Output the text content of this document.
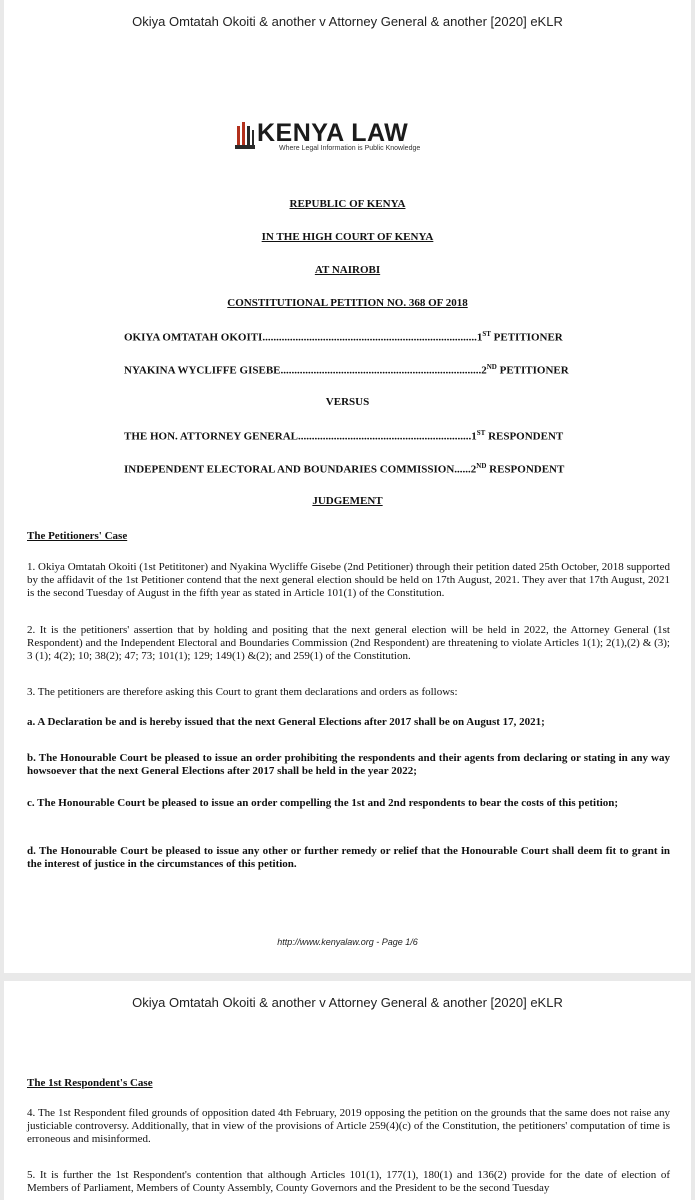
Okiya Omtatah Okoiti & another v Attorney General & another [2020] eKLR
KENYA LAW
Where Legal Information is Public Knowledge
REPUBLIC OF KENYA
IN THE HIGH COURT OF KENYA
AT NAIROBI
CONSTITUTIONAL PETITION NO. 368 OF 2018
OKIYA OMTATAH OKOITI..............................................................................1ST PETITIONER
NYAKINA WYCLIFFE GISEBE.........................................................................2ND PETITIONER
VERSUS
THE HON. ATTORNEY GENERAL...............................................................1ST RESPONDENT
INDEPENDENT ELECTORAL AND BOUNDARIES COMMISSION......2ND RESPONDENT
JUDGEMENT
The Petitioners' Case

1. Okiya Omtatah Okoiti (1st Petititoner) and Nyakina Wycliffe Gisebe (2nd Petitioner) through their petition dated 25th October, 2018 supported by the affidavit of the 1st Petitioner contend that the next general election should be held on 17th August, 2021. They aver that 17th August, 2021 is the second Tuesday of August in the fifth year as stated in Article 101(1) of the Constitution.

2. It is the petitioners' assertion that by holding and positing that the next general election will be held in 2022, the Attorney General (1st Respondent) and the Independent Electoral and Boundaries Commission (2nd Respondent) are threatening to violate Articles 1(1); 2(1),(2) & (3); 3 (1); 4(2); 10; 38(2); 47; 73; 101(1); 129; 149(1) &(2); and 259(1) of the Constitution.

3. The petitioners are therefore asking this Court to grant them declarations and orders as follows:

a. A Declaration be and is hereby issued that the next General Elections after 2017 shall be on August 17, 2021;

b. The Honourable Court be pleased to issue an order prohibiting the respondents and their agents from declaring or stating in any way howsoever that the next General Elections after 2017 shall be held in the year 2022;

c. The Honourable Court be pleased to issue an order compelling the 1st and 2nd respondents to bear the costs of this petition;

d. The Honourable Court be pleased to issue any other or further remedy or relief that the Honourable Court shall deem fit to grant in the interest of justice in the circumstances of this petition.

http://www.kenyalaw.org - Page 1/6
Okiya Omtatah Okoiti & another v Attorney General & another [2020] eKLR
The 1st Respondent's Case

4. The 1st Respondent filed grounds of opposition dated 4th February, 2019 opposing the petition on the grounds that the same does not raise any justiciable controversy. Additionally, that in view of the provisions of Article 259(4)(c) of the Constitution, the petitioners' computation of time is erroneous and misinformed.

5. It is further the 1st Respondent's contention that although Articles 101(1), 177(1), 180(1) and 136(2) provide for the date of election of Members of Parliament, Members of County Assembly, County Governors and the President to be the second Tuesday
